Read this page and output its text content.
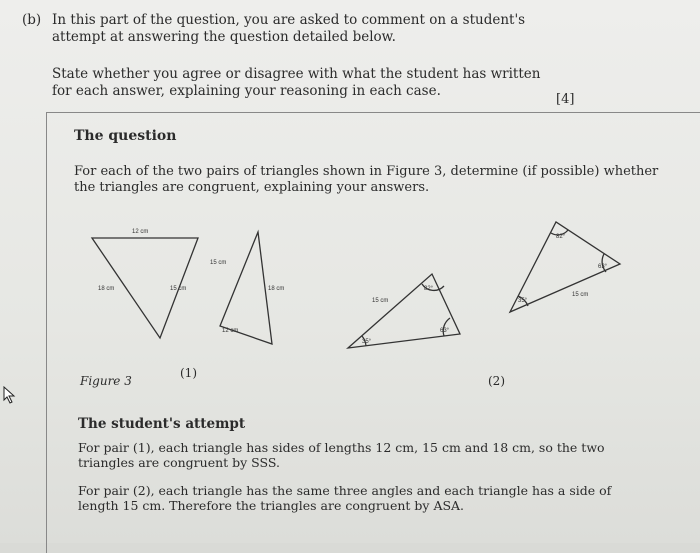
(b) In this part of the question, you are asked to comment on a student's
attempt at answering the question detailed below.
State whether you agree or disagree with what the student has written
for each answer, explaining your reasoning in each case.
[4]
The question
For each of the two pairs of triangles shown in Figure 3, determine (if possible) whether
the triangles are congruent, explaining your answers.
12 cm
18 cm	15 cm
15 cm
18 cm
12 cm
15 cm
35°
82°
63°
15 cm
82°
63°
35°
Figure 3
(1)
(2)
The student's attempt
For pair (1), each triangle has sides of lengths 12 cm, 15 cm and 18 cm, so the two
triangles are congruent by SSS.
For pair (2), each triangle has the same three angles and each triangle has a side of
length 15 cm. Therefore the triangles are congruent by ASA.
